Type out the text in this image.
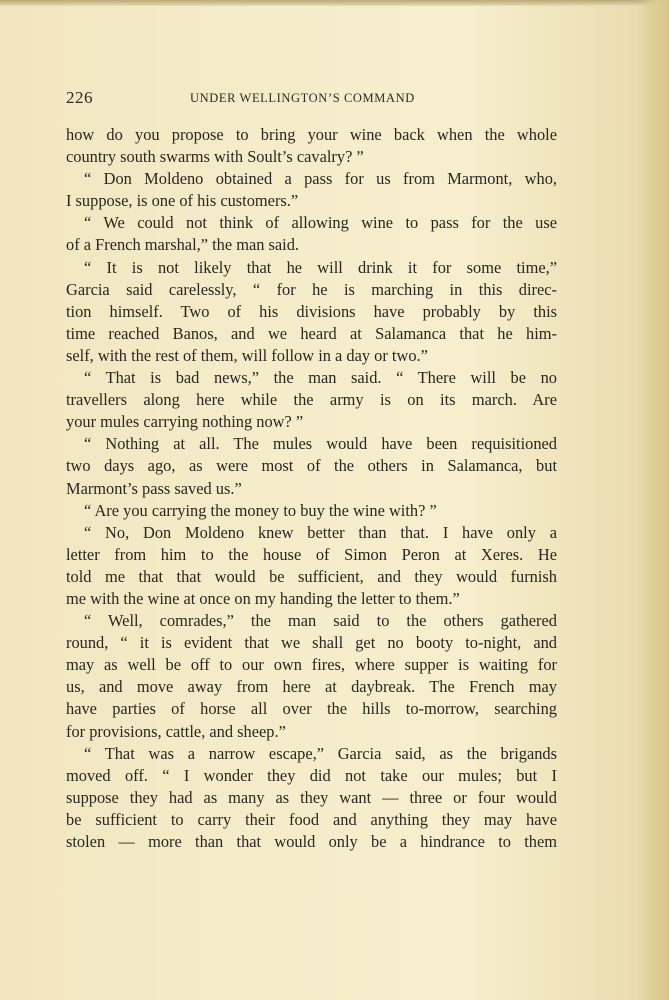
226	UNDER WELLINGTON’S COMMAND
how do you propose to bring your wine back when the whole
country south swarms with Soult’s cavalry? ”
“ Don Moldeno obtained a pass for us from Marmont, who,
I suppose, is one of his customers.”
“ We could not think of allowing wine to pass for the use
of a French marshal,” the man said.
“ It is not likely that he will drink it for some time,”
Garcia said carelessly, “ for he is marching in this direc-
tion himself. Two of his divisions have probably by this
time reached Banos, and we heard at Salamanca that he him-
self, with the rest of them, will follow in a day or two.”
“ That is bad news,” the man said. “ There will be no
travellers along here while the army is on its march. Are
your mules carrying nothing now? ”
“ Nothing at all. The mules would have been requisitioned
two days ago, as were most of the others in Salamanca, but
Marmont’s pass saved us.”
“ Are you carrying the money to buy the wine with? ”
“ No, Don Moldeno knew better than that. I have only a
letter from him to the house of Simon Peron at Xeres. He
told me that that would be sufficient, and they would furnish
me with the wine at once on my handing the letter to them.”
“ Well, comrades,” the man said to the others gathered
round, “ it is evident that we shall get no booty to-night, and
may as well be off to our own fires, where supper is waiting for
us, and move away from here at daybreak. The French may
have parties of horse all over the hills to-morrow, searching
for provisions, cattle, and sheep.”
“ That was a narrow escape,” Garcia said, as the brigands
moved off. “ I wonder they did not take our mules; but I
suppose they had as many as they want — three or four would
be sufficient to carry their food and anything they may have
stolen — more than that would only be a hindrance to them
